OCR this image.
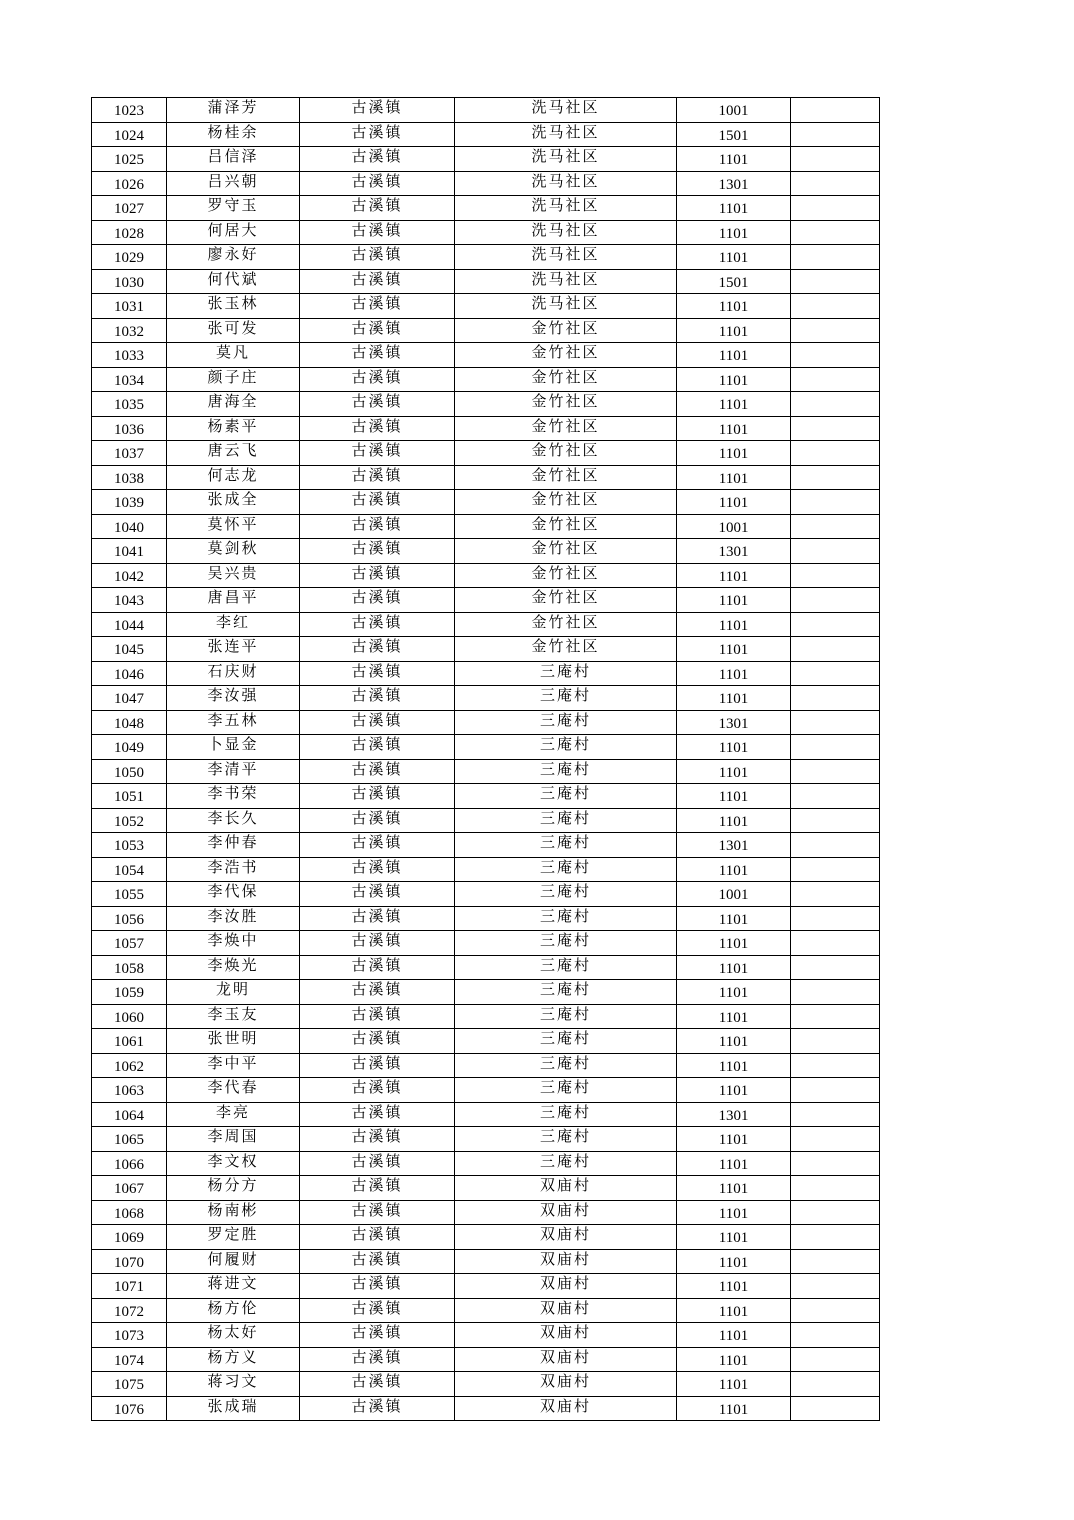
1023	蒲泽芳	古溪镇	洗马社区	1001	
1024	杨桂余	古溪镇	洗马社区	1501	
1025	吕信泽	古溪镇	洗马社区	1101	
1026	吕兴朝	古溪镇	洗马社区	1301	
1027	罗守玉	古溪镇	洗马社区	1101	
1028	何居大	古溪镇	洗马社区	1101	
1029	廖永好	古溪镇	洗马社区	1101	
1030	何代斌	古溪镇	洗马社区	1501	
1031	张玉林	古溪镇	洗马社区	1101	
1032	张可发	古溪镇	金竹社区	1101	
1033	莫凡	古溪镇	金竹社区	1101	
1034	颜子庄	古溪镇	金竹社区	1101	
1035	唐海全	古溪镇	金竹社区	1101	
1036	杨素平	古溪镇	金竹社区	1101	
1037	唐云飞	古溪镇	金竹社区	1101	
1038	何志龙	古溪镇	金竹社区	1101	
1039	张成全	古溪镇	金竹社区	1101	
1040	莫怀平	古溪镇	金竹社区	1001	
1041	莫剑秋	古溪镇	金竹社区	1301	
1042	吴兴贵	古溪镇	金竹社区	1101	
1043	唐昌平	古溪镇	金竹社区	1101	
1044	李红	古溪镇	金竹社区	1101	
1045	张连平	古溪镇	金竹社区	1101	
1046	石庆财	古溪镇	三庵村	1101	
1047	李汝强	古溪镇	三庵村	1101	
1048	李五林	古溪镇	三庵村	1301	
1049	卜显金	古溪镇	三庵村	1101	
1050	李清平	古溪镇	三庵村	1101	
1051	李书荣	古溪镇	三庵村	1101	
1052	李长久	古溪镇	三庵村	1101	
1053	李仲春	古溪镇	三庵村	1301	
1054	李浩书	古溪镇	三庵村	1101	
1055	李代保	古溪镇	三庵村	1001	
1056	李汝胜	古溪镇	三庵村	1101	
1057	李焕中	古溪镇	三庵村	1101	
1058	李焕光	古溪镇	三庵村	1101	
1059	龙明	古溪镇	三庵村	1101	
1060	李玉友	古溪镇	三庵村	1101	
1061	张世明	古溪镇	三庵村	1101	
1062	李中平	古溪镇	三庵村	1101	
1063	李代春	古溪镇	三庵村	1101	
1064	李亮	古溪镇	三庵村	1301	
1065	李周国	古溪镇	三庵村	1101	
1066	李文权	古溪镇	三庵村	1101	
1067	杨分方	古溪镇	双庙村	1101	
1068	杨南彬	古溪镇	双庙村	1101	
1069	罗定胜	古溪镇	双庙村	1101	
1070	何履财	古溪镇	双庙村	1101	
1071	蒋进文	古溪镇	双庙村	1101	
1072	杨方伦	古溪镇	双庙村	1101	
1073	杨太好	古溪镇	双庙村	1101	
1074	杨方义	古溪镇	双庙村	1101	
1075	蒋习文	古溪镇	双庙村	1101	
1076	张成瑞	古溪镇	双庙村	1101	
